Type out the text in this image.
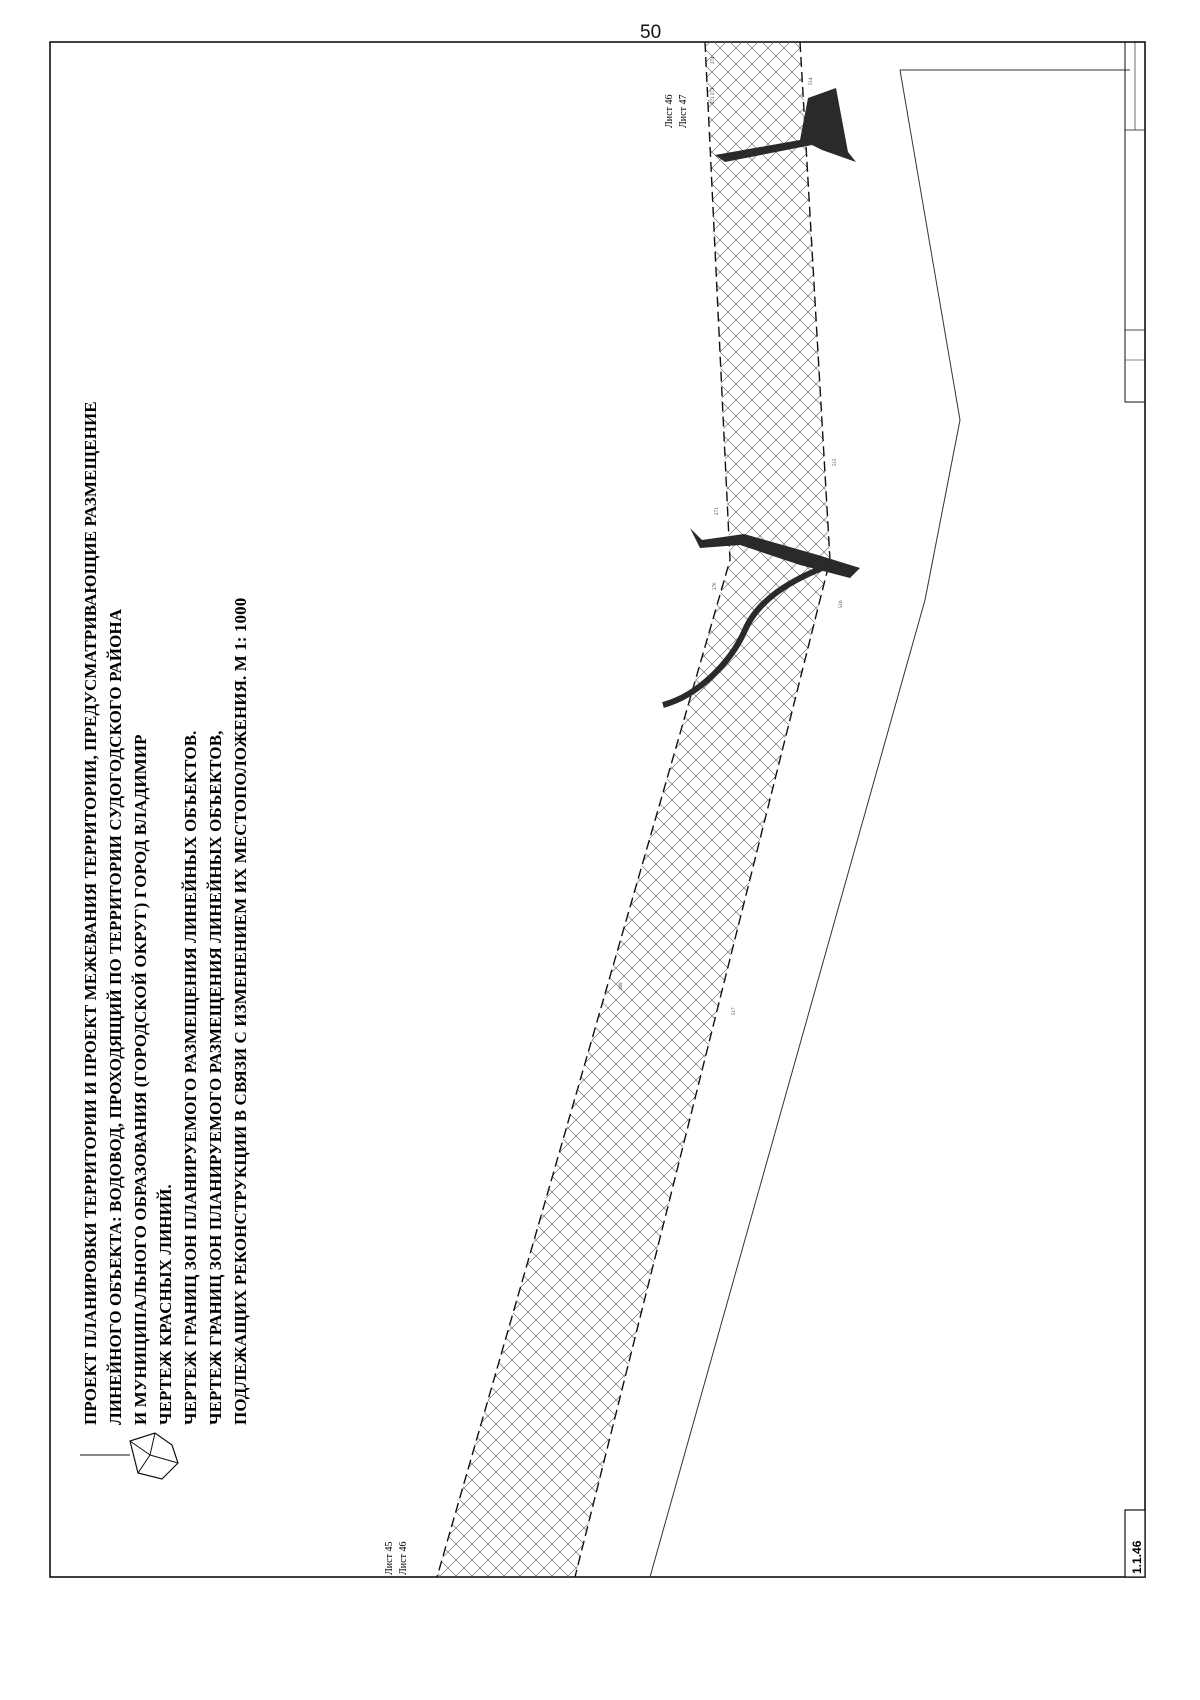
50
ПРОЕКТ ПЛАНИРОВКИ ТЕРРИТОРИИ И ПРОЕКТ МЕЖЕВАНИЯ ТЕРРИТОРИИ, ПРЕДУСМАТРИВАЮЩИЕ РАЗМЕЩЕНИЕ ЛИНЕЙНОГО ОБЪЕКТА: ВОДОВОД, ПРОХОДЯЩИЙ ПО ТЕРРИТОРИИ СУДОГОДСКОГО РАЙОНА И МУНИЦИПАЛЬНОГО ОБРАЗОВАНИЯ (ГОРОДСКОЙ ОКРУГ) ГОРОД ВЛАДИМИР ЧЕРТЕЖ КРАСНЫХ ЛИНИЙ. ЧЕРТЕЖ ГРАНИЦ ЗОН ПЛАНИРУЕМОГО РАЗМЕЩЕНИЯ ЛИНЕЙНЫХ ОБЪЕКТОВ. ЧЕРТЕЖ ГРАНИЦ ЗОН ПЛАНИРУЕМОГО РАЗМЕЩЕНИЯ ЛИНЕЙНЫХ ОБЪЕКТОВ, ПОДЛЕЖАЩИХ РЕКОНСТРУКЦИИ В СВЯЗИ С ИЗМЕНЕНИЕМ ИХ МЕСТОПОЛОЖЕНИЯ. М 1: 1000
Лист 45 Лист 46
Лист 46 Лист 47
269
517
270
271
516
515
514
272 273
274
1.1.46
